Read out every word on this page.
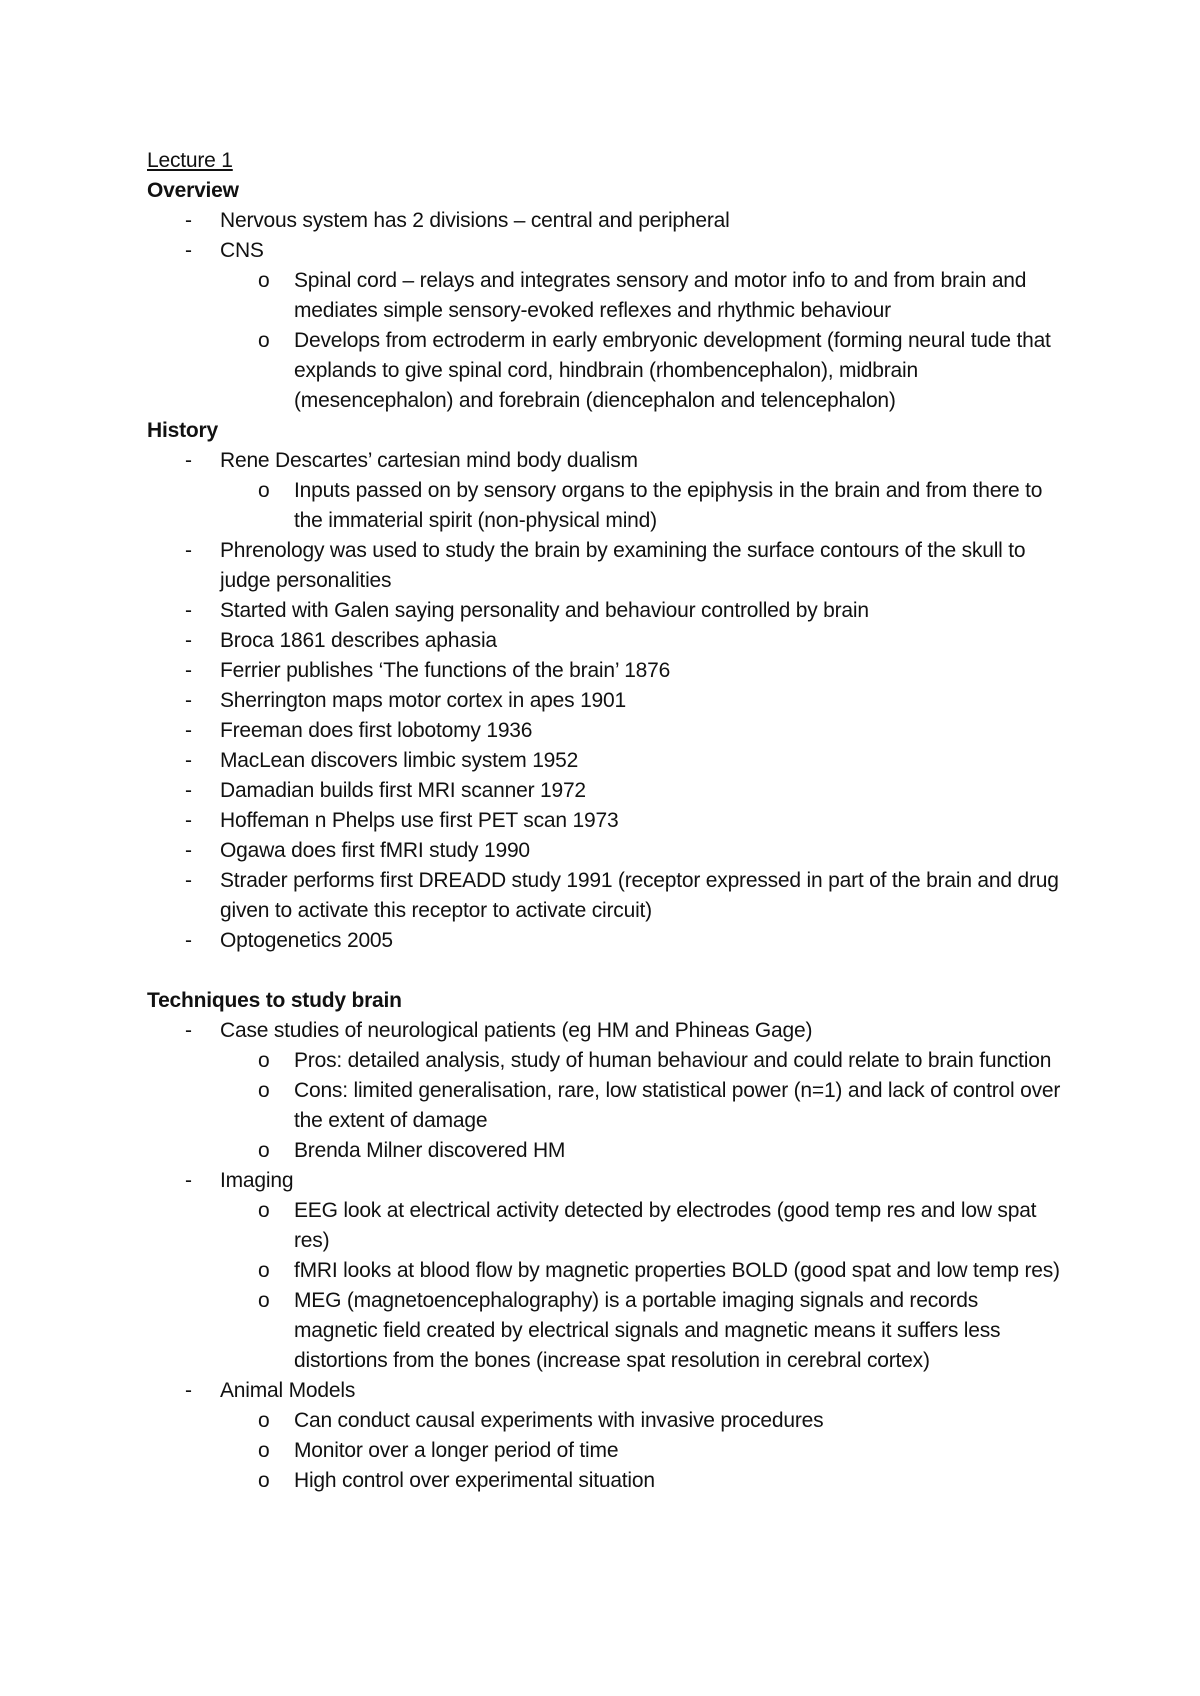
Lecture 1

Overview

- Nervous system has 2 divisions – central and peripheral

- CNS

o Spinal cord – relays and integrates sensory and motor info to and from brain and mediates simple sensory-evoked reflexes and rhythmic behaviour

o Develops from ectroderm in early embryonic development (forming neural tude that explands to give spinal cord, hindbrain (rhombencephalon), midbrain (mesencephalon) and forebrain (diencephalon and telencephalon)

History

- Rene Descartes’ cartesian mind body dualism

o Inputs passed on by sensory organs to the epiphysis in the brain and from there to the immaterial spirit (non-physical mind)

- Phrenology was used to study the brain by examining the surface contours of the skull to judge personalities

- Started with Galen saying personality and behaviour controlled by brain

- Broca 1861 describes aphasia

- Ferrier publishes ‘The functions of the brain’ 1876

- Sherrington maps motor cortex in apes 1901

- Freeman does first lobotomy 1936

- MacLean discovers limbic system 1952

- Damadian builds first MRI scanner 1972

- Hoffeman n Phelps use first PET scan 1973

- Ogawa does first fMRI study 1990

- Strader performs first DREADD study 1991 (receptor expressed in part of the brain and drug given to activate this receptor to activate circuit)

- Optogenetics 2005

Techniques to study brain

- Case studies of neurological patients (eg HM and Phineas Gage)

o Pros: detailed analysis, study of human behaviour and could relate to brain function

o Cons: limited generalisation, rare, low statistical power (n=1) and lack of control over the extent of damage

o Brenda Milner discovered HM

- Imaging

o EEG look at electrical activity detected by electrodes (good temp res and low spat res)

o fMRI looks at blood flow by magnetic properties BOLD (good spat and low temp res)

o MEG (magnetoencephalography) is a portable imaging signals and records magnetic field created by electrical signals and magnetic means it suffers less distortions from the bones (increase spat resolution in cerebral cortex)

- Animal Models

o Can conduct causal experiments with invasive procedures

o Monitor over a longer period of time

o High control over experimental situation
